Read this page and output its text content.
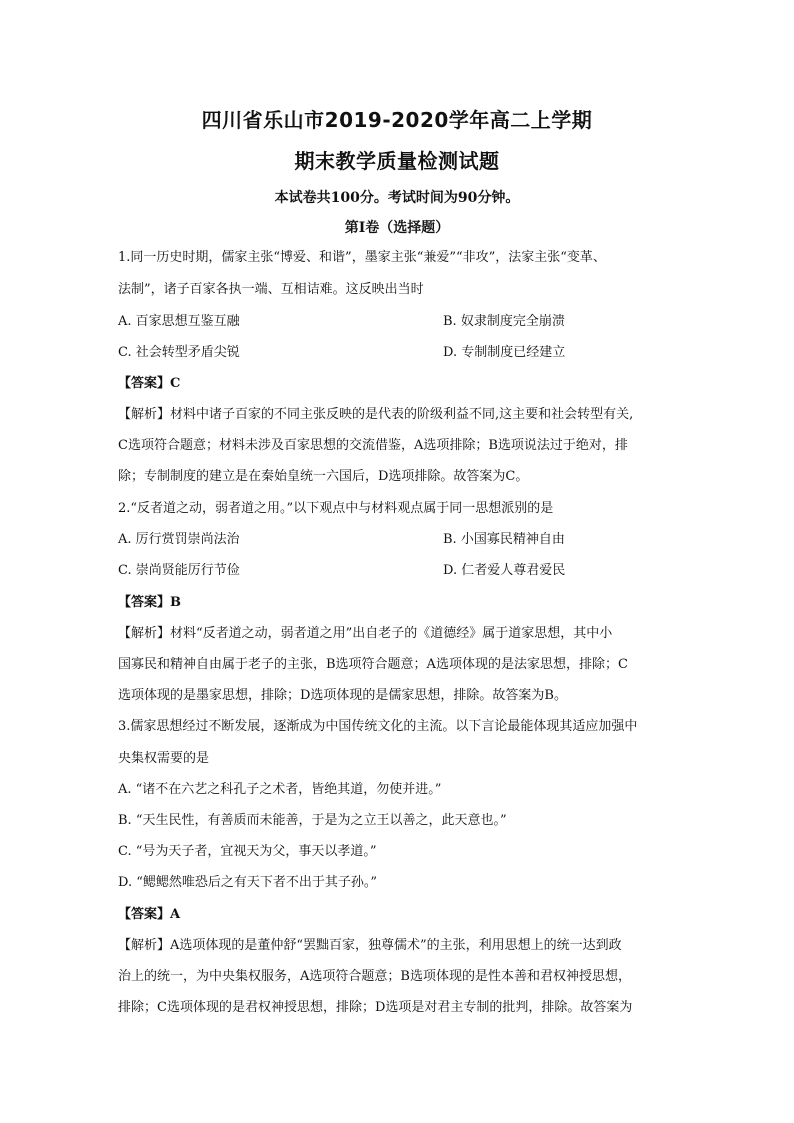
四川省乐山市2019-2020学年高二上学期
期末教学质量检测试题
本试卷共100分。考试时间为90分钟。
第I卷（选择题）
1.同一历史时期，儒家主张“博爱、和谐”，墨家主张“兼爱”“非攻”，法家主张“变革、
法制”，诸子百家各执一端、互相诘难。这反映出当时
A. 百家思想互鉴互融	B. 奴隶制度完全崩溃
C. 社会转型矛盾尖锐	D. 专制制度已经建立
【答案】C
【解析】材料中诸子百家的不同主张反映的是代表的阶级利益不同,这主要和社会转型有关,
C选项符合题意；材料未涉及百家思想的交流借鉴，A选项排除；B选项说法过于绝对，排
除；专制制度的建立是在秦始皇统一六国后，D选项排除。故答案为C。
2.“反者道之动，弱者道之用。”以下观点中与材料观点属于同一思想派别的是
A. 厉行赏罚崇尚法治	B. 小国寡民精神自由
C. 崇尚贤能厉行节俭	D. 仁者爱人尊君爱民
【答案】B
【解析】材料“反者道之动，弱者道之用”出自老子的《道德经》属于道家思想，其中小
国寡民和精神自由属于老子的主张，B选项符合题意；A选项体现的是法家思想，排除；C
选项体现的是墨家思想，排除；D选项体现的是儒家思想，排除。故答案为B。
3.儒家思想经过不断发展，逐渐成为中国传统文化的主流。以下言论最能体现其适应加强中
央集权需要的是
A. “诸不在六艺之科孔子之术者，皆绝其道，勿使并进。”
B. “天生民性，有善质而未能善，于是为之立王以善之，此天意也。”
C. “号为天子者，宜视天为父，事天以孝道。”
D. “鳃鳃然唯恐后之有天下者不出于其子孙。”
【答案】A
【解析】A选项体现的是董仲舒“罢黜百家，独尊儒术”的主张，利用思想上的统一达到政
治上的统一，为中央集权服务，A选项符合题意；B选项体现的是性本善和君权神授思想，
排除；C选项体现的是君权神授思想，排除；D选项是对君主专制的批判，排除。故答案为
